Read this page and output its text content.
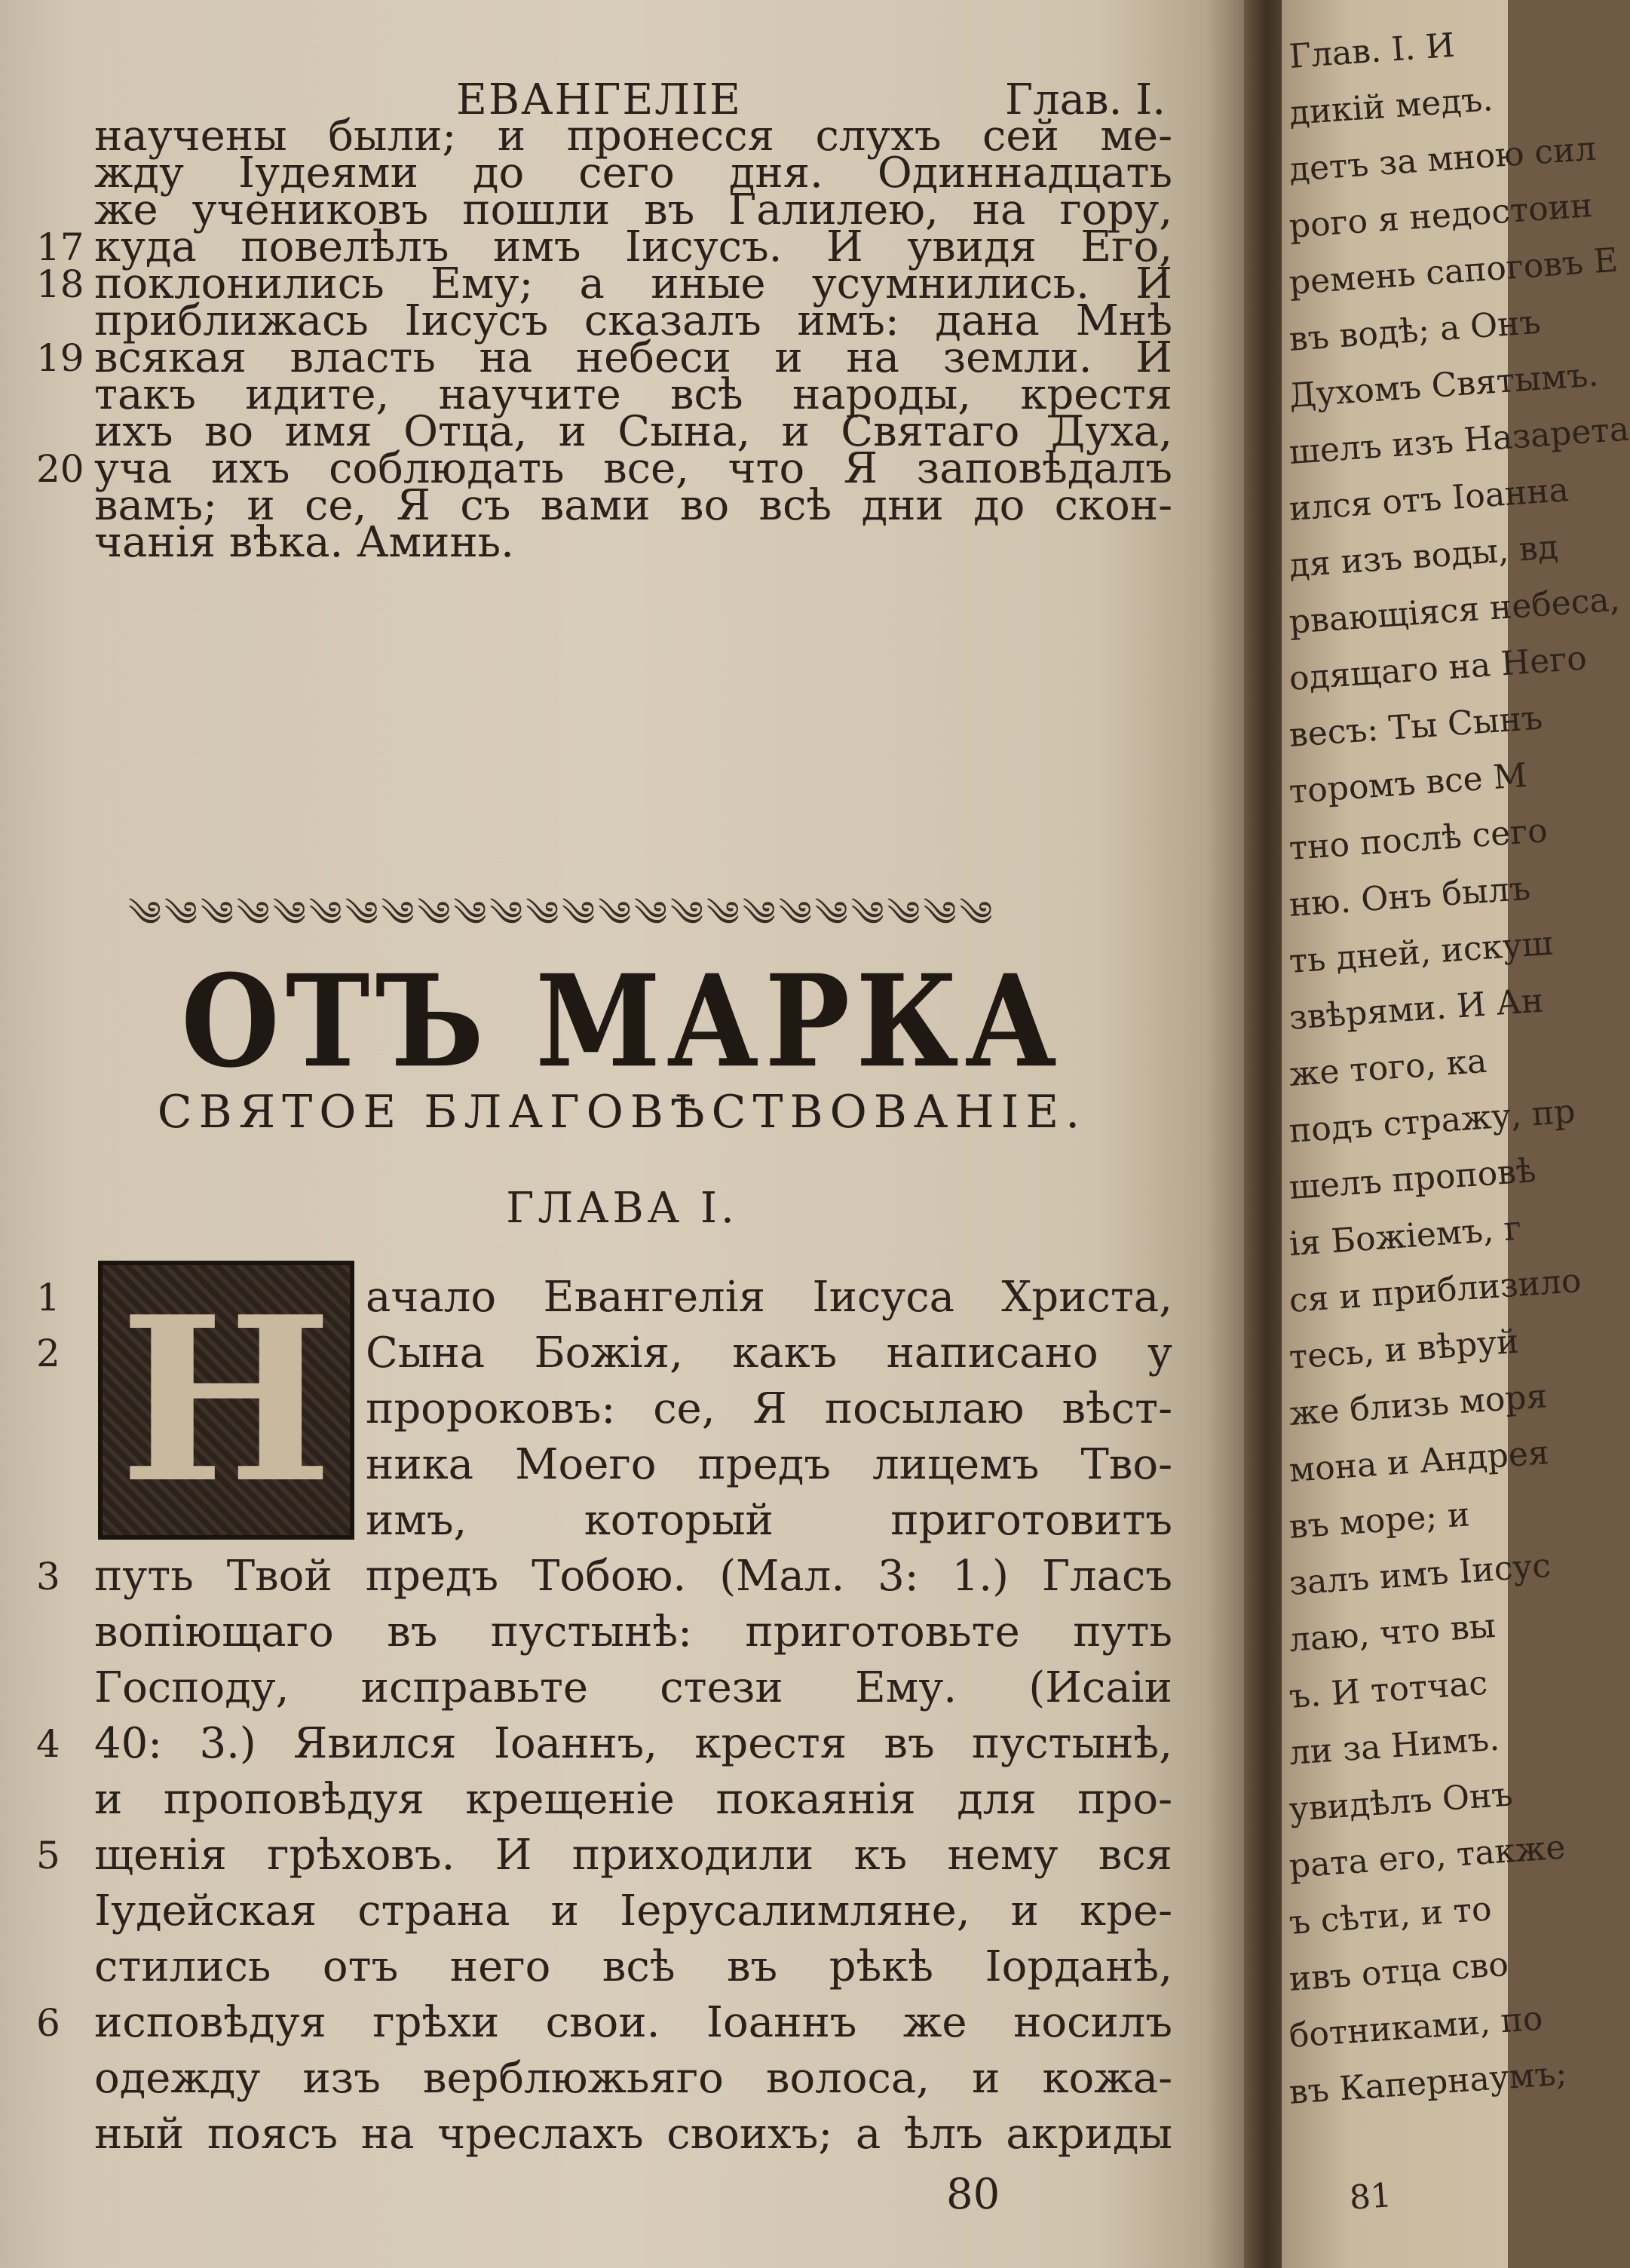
ЕВАНГЕЛІЕ	Глав. I.
научены были; и пронесся слухъ сей ме-
жду Іудеями до сего дня. Одиннадцать
же учениковъ пошли въ Галилею, на гору,
куда повелѣлъ имъ Іисусъ. И увидя Его,
поклонились Ему; а иные усумнились. И
приближась Іисусъ сказалъ имъ: дана Мнѣ
всякая власть на небеси и на земли. И
такъ идите, научите всѣ народы, крестя
ихъ во имя Отца, и Сына, и Святаго Духа,
уча ихъ соблюдать все, что Я заповѣдалъ
вамъ; и се, Я съ вами во всѣ дни до скон-
чанія вѣка. Аминь.
17
18
19
20
༄༄༄༄༄༄༄༄༄༄༄༄༄༄༄༄༄༄༄༄༄༄༄༄
ОТЪ МАРКА
СВЯТОЕ БЛАГОВѢСТВОВАНІЕ.
ГЛАВА I.
Н ачало Евангелія Іисуса Христа,
Сына Божія, какъ написано у
пророковъ: се, Я посылаю вѣст-
ника Моего предъ лицемъ Тво-
имъ, который приготовитъ
путь Твой предъ Тобою. (Мал. 3: 1.) Гласъ
вопіющаго въ пустынѣ: приготовьте путь
Господу, исправьте стези Ему. (Исаіи
40: 3.) Явился Іоаннъ, крестя въ пустынѣ,
и проповѣдуя крещеніе покаянія для про-
щенія грѣховъ. И приходили къ нему вся
Іудейская страна и Іерусалимляне, и кре-
стились отъ него всѣ въ рѣкѣ Іорданѣ,
исповѣдуя грѣхи свои. Іоаннъ же носилъ
одежду изъ верблюжьяго волоса, и кожа-
ный поясъ на чреслахъ своихъ; а ѣлъ акриды
1
2
3
4
5
6
80
Глав. I. И
дикій медъ.
детъ за мною сил
рого я недостоин
ремень сапоговъ Е
въ водѣ; а Онъ
Духомъ Святымъ.
шелъ изъ Назарета
ился отъ Іоанна
дя изъ воды, вд
рвающіяся небеса,
одящаго на Него
весъ: Ты Сынъ
торомъ все М
тно послѣ сего
ню. Онъ былъ
ть дней, искуш
звѣрями. И Ан
же того, ка
подъ стражу, пр
шелъ проповѣ
ія Божіемъ, г
ся и приблизило
тесь, и вѣруй
же близь моря
мона и Андрея
въ море; и
залъ имъ Іисус
лаю, что вы
ъ. И тотчас
ли за Нимъ.
увидѣлъ Онъ
рата его, также
ъ сѣти, и то
ивъ отца сво
ботниками, по
въ Капернаумъ;
81
